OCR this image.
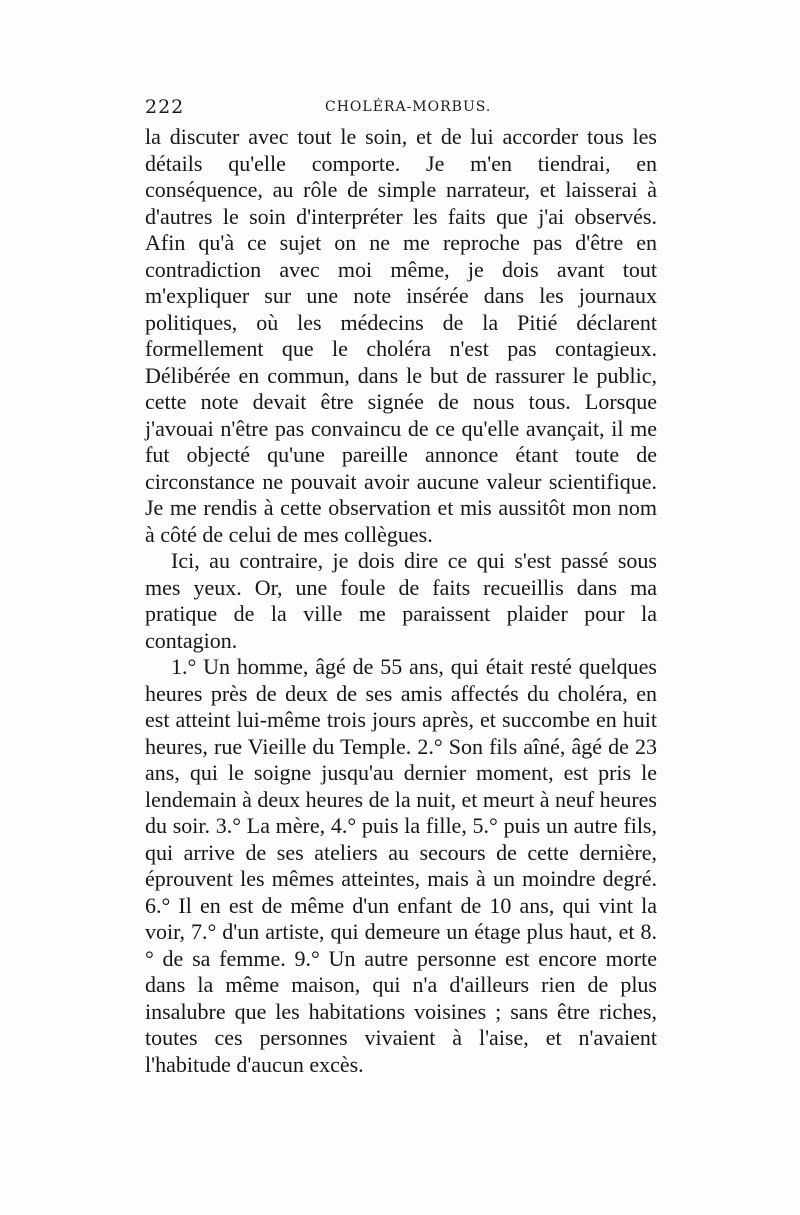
222	CHOLÉRA-MORBUS.

la discuter avec tout le soin, et de lui accorder tous les détails qu'elle comporte. Je m'en tiendrai, en conséquence, au rôle de simple narrateur, et laisserai à d'autres le soin d'interpréter les faits que j'ai observés. Afin qu'à ce sujet on ne me reproche pas d'être en contradiction avec moi même, je dois avant tout m'expliquer sur une note insérée dans les journaux politiques, où les médecins de la Pitié déclarent formellement que le choléra n'est pas contagieux. Délibérée en commun, dans le but de rassurer le public, cette note devait être signée de nous tous. Lorsque j'avouai n'être pas convaincu de ce qu'elle avançait, il me fut objecté qu'une pareille annonce étant toute de circonstance ne pouvait avoir aucune valeur scientifique. Je me rendis à cette observation et mis aussitôt mon nom à côté de celui de mes collègues.

Ici, au contraire, je dois dire ce qui s'est passé sous mes yeux. Or, une foule de faits recueillis dans ma pratique de la ville me paraissent plaider pour la contagion.

1.° Un homme, âgé de 55 ans, qui était resté quelques heures près de deux de ses amis affectés du choléra, en est atteint lui-même trois jours après, et succombe en huit heures, rue Vieille du Temple. 2.° Son fils aîné, âgé de 23 ans, qui le soigne jusqu'au dernier moment, est pris le lendemain à deux heures de la nuit, et meurt à neuf heures du soir. 3.° La mère, 4.° puis la fille, 5.° puis un autre fils, qui arrive de ses ateliers au secours de cette dernière, éprouvent les mêmes atteintes, mais à un moindre degré. 6.° Il en est de même d'un enfant de 10 ans, qui vint la voir, 7.° d'un artiste, qui demeure un étage plus haut, et 8.° de sa femme. 9.° Un autre personne est encore morte dans la même maison, qui n'a d'ailleurs rien de plus insalubre que les habitations voisines ; sans être riches, toutes ces personnes vivaient à l'aise, et n'avaient l'habitude d'aucun excès.
